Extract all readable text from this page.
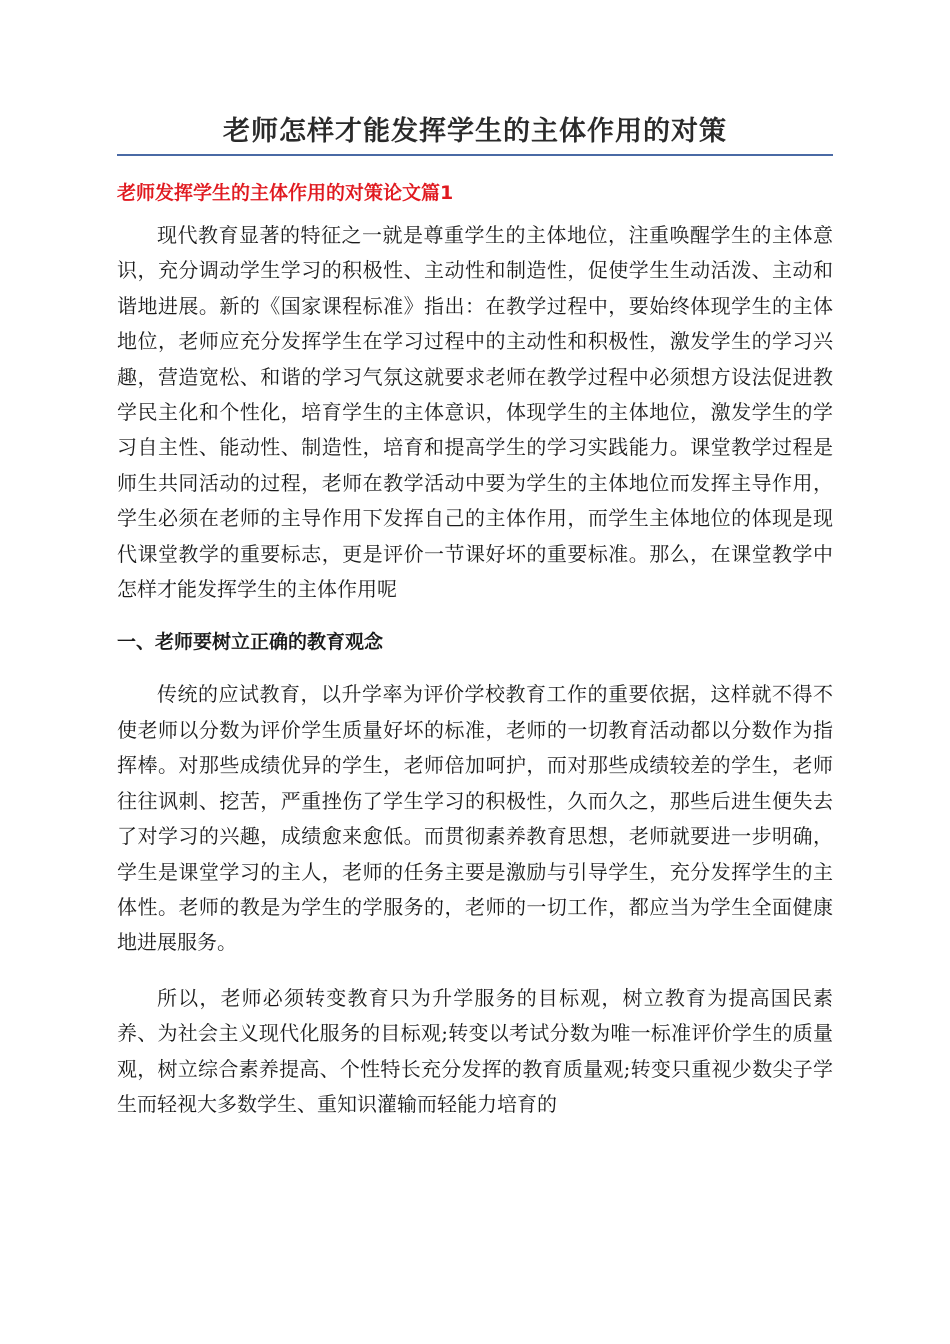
老师怎样才能发挥学生的主体作用的对策
老师发挥学生的主体作用的对策论文篇1

现代教育显著的特征之一就是尊重学生的主体地位，注重唤醒学生的主体意识，充分调动学生学习的积极性、主动性和制造性，促使学生生动活泼、主动和谐地进展。新的《国家课程标准》指出：在教学过程中，要始终体现学生的主体地位，老师应充分发挥学生在学习过程中的主动性和积极性，激发学生的学习兴趣，营造宽松、和谐的学习气氛这就要求老师在教学过程中必须想方设法促进教学民主化和个性化，培育学生的主体意识，体现学生的主体地位，激发学生的学习自主性、能动性、制造性，培育和提高学生的学习实践能力。课堂教学过程是师生共同活动的过程，老师在教学活动中要为学生的主体地位而发挥主导作用，学生必须在老师的主导作用下发挥自己的主体作用，而学生主体地位的体现是现代课堂教学的重要标志，更是评价一节课好坏的重要标准。那么，在课堂教学中怎样才能发挥学生的主体作用呢

一、老师要树立正确的教育观念

传统的应试教育，以升学率为评价学校教育工作的重要依据，这样就不得不使老师以分数为评价学生质量好坏的标准，老师的一切教育活动都以分数作为指挥棒。对那些成绩优异的学生，老师倍加呵护，而对那些成绩较差的学生，老师往往讽刺、挖苦，严重挫伤了学生学习的积极性，久而久之，那些后进生便失去了对学习的兴趣，成绩愈来愈低。而贯彻素养教育思想，老师就要进一步明确，学生是课堂学习的主人，老师的任务主要是激励与引导学生，充分发挥学生的主体性。老师的教是为学生的学服务的，老师的一切工作，都应当为学生全面健康地进展服务。

所以，老师必须转变教育只为升学服务的目标观，树立教育为提高国民素养、为社会主义现代化服务的目标观;转变以考试分数为唯一标准评价学生的质量观，树立综合素养提高、个性特长充分发挥的教育质量观;转变只重视少数尖子学生而轻视大多数学生、重知识灌输而轻能力培育的
